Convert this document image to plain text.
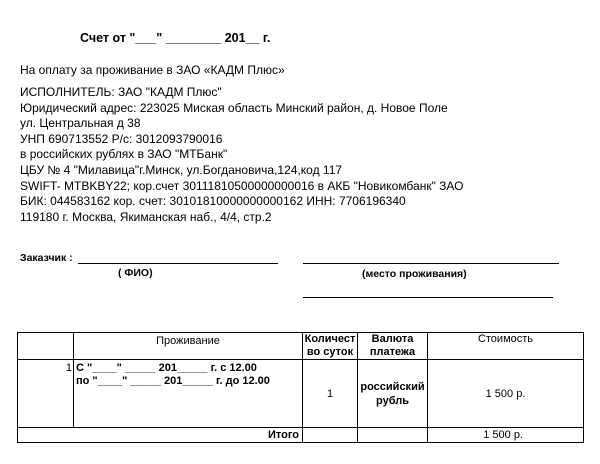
Счет от "___" ________ 201__ г.
На оплату за проживание в ЗАО «КАДМ Плюс»
ИСПОЛНИТЕЛЬ: ЗАО "КАДМ Плюс"
Юридический адрес: 223025 Миская область Минский район, д. Новое Поле
ул. Центральная д 38
УНП 690713552 Р/с: 3012093790016
в российских рублях в ЗАО "МТБанк"
ЦБУ № 4 "Милавица"г.Минск, ул.Богдановича,124,код 117
SWIFT- MTBKBY22; кор.счет 30111810500000000016 в АКБ "Новикомбанк" ЗАО
БИК: 044583162 кор. счет: 30101810000000000162 ИНН: 7706196340
119180 г. Москва, Якиманская наб., 4/4, стр.2
Заказчик :
( ФИО)	(место проживания)
	Проживание	Количест во суток	Валюта платежа	Стоимость
1	С "____" _____ 201_____ г. с 12.00
по "____" _____ 201_____ г. до 12.00	1	российский рубль	1 500 р.
Итого				1 500 р.
